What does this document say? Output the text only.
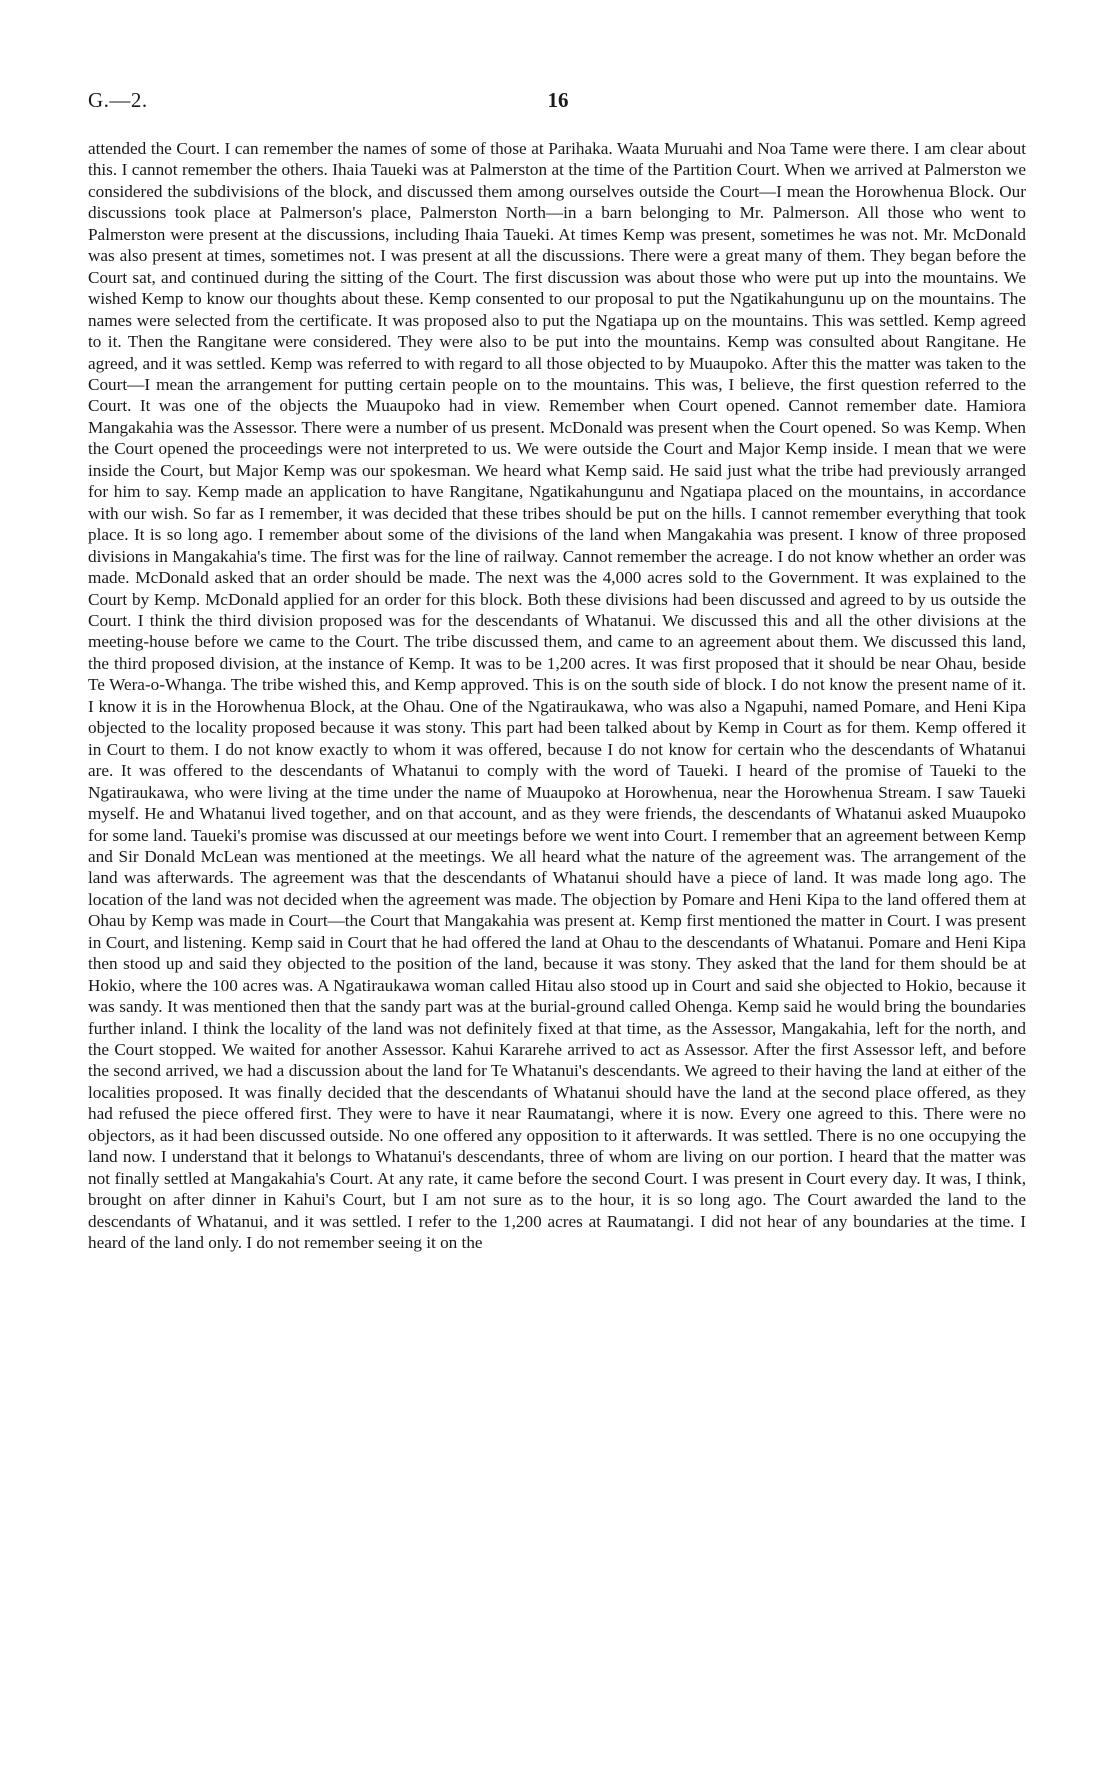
G.—2.	16

attended the Court. I can remember the names of some of those at Parihaka. Waata Muruahi and Noa Tame were there. I am clear about this. I cannot remember the others. Ihaia Taueki was at Palmerston at the time of the Partition Court. When we arrived at Palmerston we considered the subdivisions of the block, and discussed them among ourselves outside the Court—I mean the Horowhenua Block. Our discussions took place at Palmerson's place, Palmerston North—in a barn belonging to Mr. Palmerson. All those who went to Palmerston were present at the discussions, including Ihaia Taueki. At times Kemp was present, sometimes he was not. Mr. McDonald was also present at times, sometimes not. I was present at all the discussions. There were a great many of them. They began before the Court sat, and continued during the sitting of the Court. The first discussion was about those who were put up into the mountains. We wished Kemp to know our thoughts about these. Kemp consented to our proposal to put the Ngatikahungunu up on the mountains. The names were selected from the certificate. It was proposed also to put the Ngatiapa up on the mountains. This was settled. Kemp agreed to it. Then the Rangitane were considered. They were also to be put into the mountains. Kemp was consulted about Rangitane. He agreed, and it was settled. Kemp was referred to with regard to all those objected to by Muaupoko. After this the matter was taken to the Court—I mean the arrangement for putting certain people on to the mountains. This was, I believe, the first question referred to the Court. It was one of the objects the Muaupoko had in view. Remember when Court opened. Cannot remember date. Hamiora Mangakahia was the Assessor. There were a number of us present. McDonald was present when the Court opened. So was Kemp. When the Court opened the proceedings were not interpreted to us. We were outside the Court and Major Kemp inside. I mean that we were inside the Court, but Major Kemp was our spokesman. We heard what Kemp said. He said just what the tribe had previously arranged for him to say. Kemp made an application to have Rangitane, Ngatikahungunu and Ngatiapa placed on the mountains, in accordance with our wish. So far as I remember, it was decided that these tribes should be put on the hills. I cannot remember everything that took place. It is so long ago. I remember about some of the divisions of the land when Mangakahia was present. I know of three proposed divisions in Mangakahia's time. The first was for the line of railway. Cannot remember the acreage. I do not know whether an order was made. McDonald asked that an order should be made. The next was the 4,000 acres sold to the Government. It was explained to the Court by Kemp. McDonald applied for an order for this block. Both these divisions had been discussed and agreed to by us outside the Court. I think the third division proposed was for the descendants of Whatanui. We discussed this and all the other divisions at the meeting-house before we came to the Court. The tribe discussed them, and came to an agreement about them. We discussed this land, the third proposed division, at the instance of Kemp. It was to be 1,200 acres. It was first proposed that it should be near Ohau, beside Te Wera-o-Whanga. The tribe wished this, and Kemp approved. This is on the south side of block. I do not know the present name of it. I know it is in the Horowhenua Block, at the Ohau. One of the Ngatiraukawa, who was also a Ngapuhi, named Pomare, and Heni Kipa objected to the locality proposed because it was stony. This part had been talked about by Kemp in Court as for them. Kemp offered it in Court to them. I do not know exactly to whom it was offered, because I do not know for certain who the descendants of Whatanui are. It was offered to the descendants of Whatanui to comply with the word of Taueki. I heard of the promise of Taueki to the Ngatiraukawa, who were living at the time under the name of Muaupoko at Horowhenua, near the Horowhenua Stream. I saw Taueki myself. He and Whatanui lived together, and on that account, and as they were friends, the descendants of Whatanui asked Muaupoko for some land. Taueki's promise was discussed at our meetings before we went into Court. I remember that an agreement between Kemp and Sir Donald McLean was mentioned at the meetings. We all heard what the nature of the agreement was. The arrangement of the land was afterwards. The agreement was that the descendants of Whatanui should have a piece of land. It was made long ago. The location of the land was not decided when the agreement was made. The objection by Pomare and Heni Kipa to the land offered them at Ohau by Kemp was made in Court—the Court that Mangakahia was present at. Kemp first mentioned the matter in Court. I was present in Court, and listening. Kemp said in Court that he had offered the land at Ohau to the descendants of Whatanui. Pomare and Heni Kipa then stood up and said they objected to the position of the land, because it was stony. They asked that the land for them should be at Hokio, where the 100 acres was. A Ngatiraukawa woman called Hitau also stood up in Court and said she objected to Hokio, because it was sandy. It was mentioned then that the sandy part was at the burial-ground called Ohenga. Kemp said he would bring the boundaries further inland. I think the locality of the land was not definitely fixed at that time, as the Assessor, Mangakahia, left for the north, and the Court stopped. We waited for another Assessor. Kahui Kararehe arrived to act as Assessor. After the first Assessor left, and before the second arrived, we had a discussion about the land for Te Whatanui's descendants. We agreed to their having the land at either of the localities proposed. It was finally decided that the descendants of Whatanui should have the land at the second place offered, as they had refused the piece offered first. They were to have it near Raumatangi, where it is now. Every one agreed to this. There were no objectors, as it had been discussed outside. No one offered any opposition to it afterwards. It was settled. There is no one occupying the land now. I understand that it belongs to Whatanui's descendants, three of whom are living on our portion. I heard that the matter was not finally settled at Mangakahia's Court. At any rate, it came before the second Court. I was present in Court every day. It was, I think, brought on after dinner in Kahui's Court, but I am not sure as to the hour, it is so long ago. The Court awarded the land to the descendants of Whatanui, and it was settled. I refer to the 1,200 acres at Raumatangi. I did not hear of any boundaries at the time. I heard of the land only. I do not remember seeing it on the
